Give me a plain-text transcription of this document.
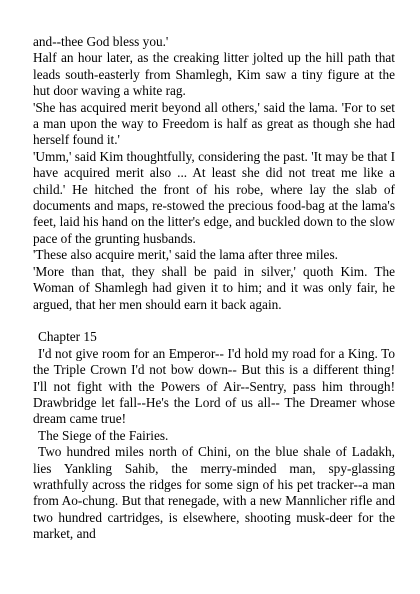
and--thee God bless you.'

Half an hour later, as the creaking litter jolted up the hill path that leads south-easterly from Shamlegh, Kim saw a tiny figure at the hut door waving a white rag.

'She has acquired merit beyond all others,' said the lama. 'For to set a man upon the way to Freedom is half as great as though she had herself found it.'

'Umm,' said Kim thoughtfully, considering the past. 'It may be that I have acquired merit also ... At least she did not treat me like a child.' He hitched the front of his robe, where lay the slab of documents and maps, re-stowed the precious food-bag at the lama's feet, laid his hand on the litter's edge, and buckled down to the slow pace of the grunting husbands.

'These also acquire merit,' said the lama after three miles.

'More than that, they shall be paid in silver,' quoth Kim. The Woman of Shamlegh had given it to him; and it was only fair, he argued, that her men should earn it back again.

Chapter 15

I'd not give room for an Emperor-- I'd hold my road for a King. To the Triple Crown I'd not bow down-- But this is a different thing! I'll not fight with the Powers of Air--Sentry, pass him through! Drawbridge let fall--He's the Lord of us all-- The Dreamer whose dream came true!

The Siege of the Fairies.

Two hundred miles north of Chini, on the blue shale of Ladakh, lies Yankling Sahib, the merry-minded man, spy-glassing wrathfully across the ridges for some sign of his pet tracker--a man from Ao-chung. But that renegade, with a new Mannlicher rifle and two hundred cartridges, is elsewhere, shooting musk-deer for the market, and
